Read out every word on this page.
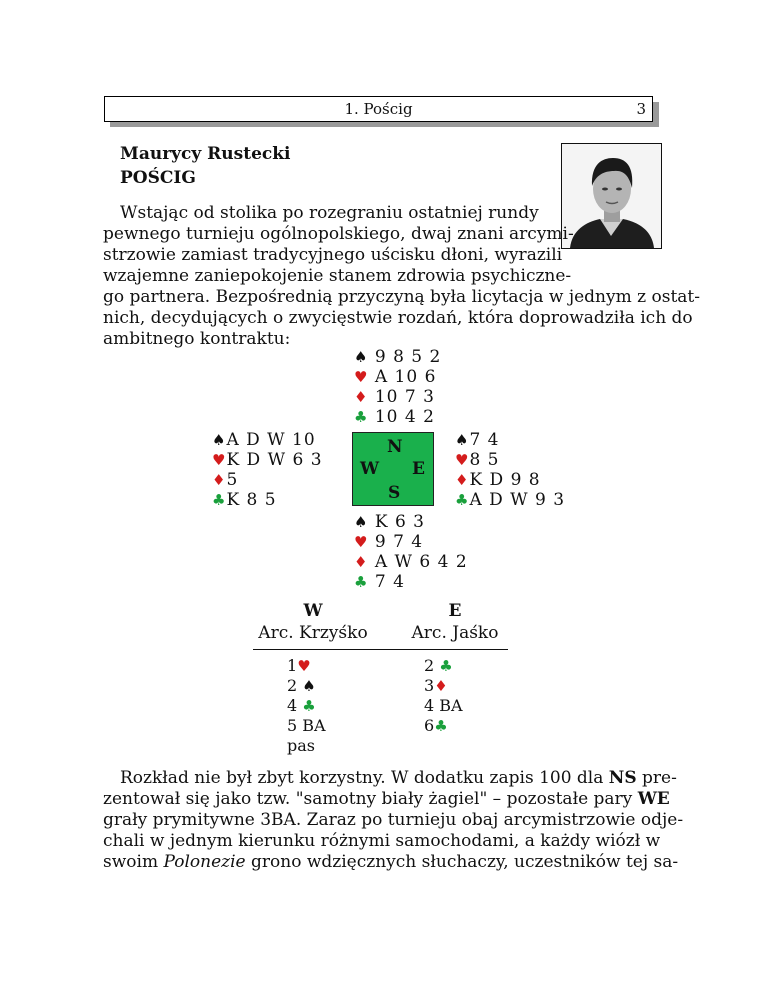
1. Pościg	3
Maurycy Rustecki
POŚCIG
Wstając od stolika po rozegraniu ostatniej rundy
pewnego turnieju ogólnopolskiego, dwaj znani arcymi-
strzowie zamiast tradycyjnego uścisku dłoni, wyrazili
wzajemne zaniepokojenie stanem zdrowia psychiczne-
go partnera. Bezpośrednią przyczyną była licytacja w jednym z ostat-
nich, decydujących o zwycięstwie rozdań, która doprowadziła ich do
ambitnego kontraktu:
♠ 9 8 5 2
♥ A 10 6
♦ 10 7 3
♣ 10 4 2
♠A D W 10
♥K D W 6 3
♦5
♣K 8 5
N
W E
S
♠7 4
♥8 5
♦K D 9 8
♣A D W 9 3
♠ K 6 3
♥ 9 7 4
♦ A W 6 4 2
♣ 7 4
W
Arc. Krzyśko
E
Arc. Jaśko
1♥
2 ♠
4 ♣
5 BA
pas
2 ♣
3♦
4 BA
6♣
Rozkład nie był zbyt korzystny. W dodatku zapis 100 dla NS pre-
zentował się jako tzw. "samotny biały żagiel" – pozostałe pary WE
grały prymitywne 3BA. Zaraz po turnieju obaj arcymistrzowie odje-
chali w jednym kierunku różnymi samochodami, a każdy wiózł w
swoim Polonezie grono wdzięcznych słuchaczy, uczestników tej sa-
